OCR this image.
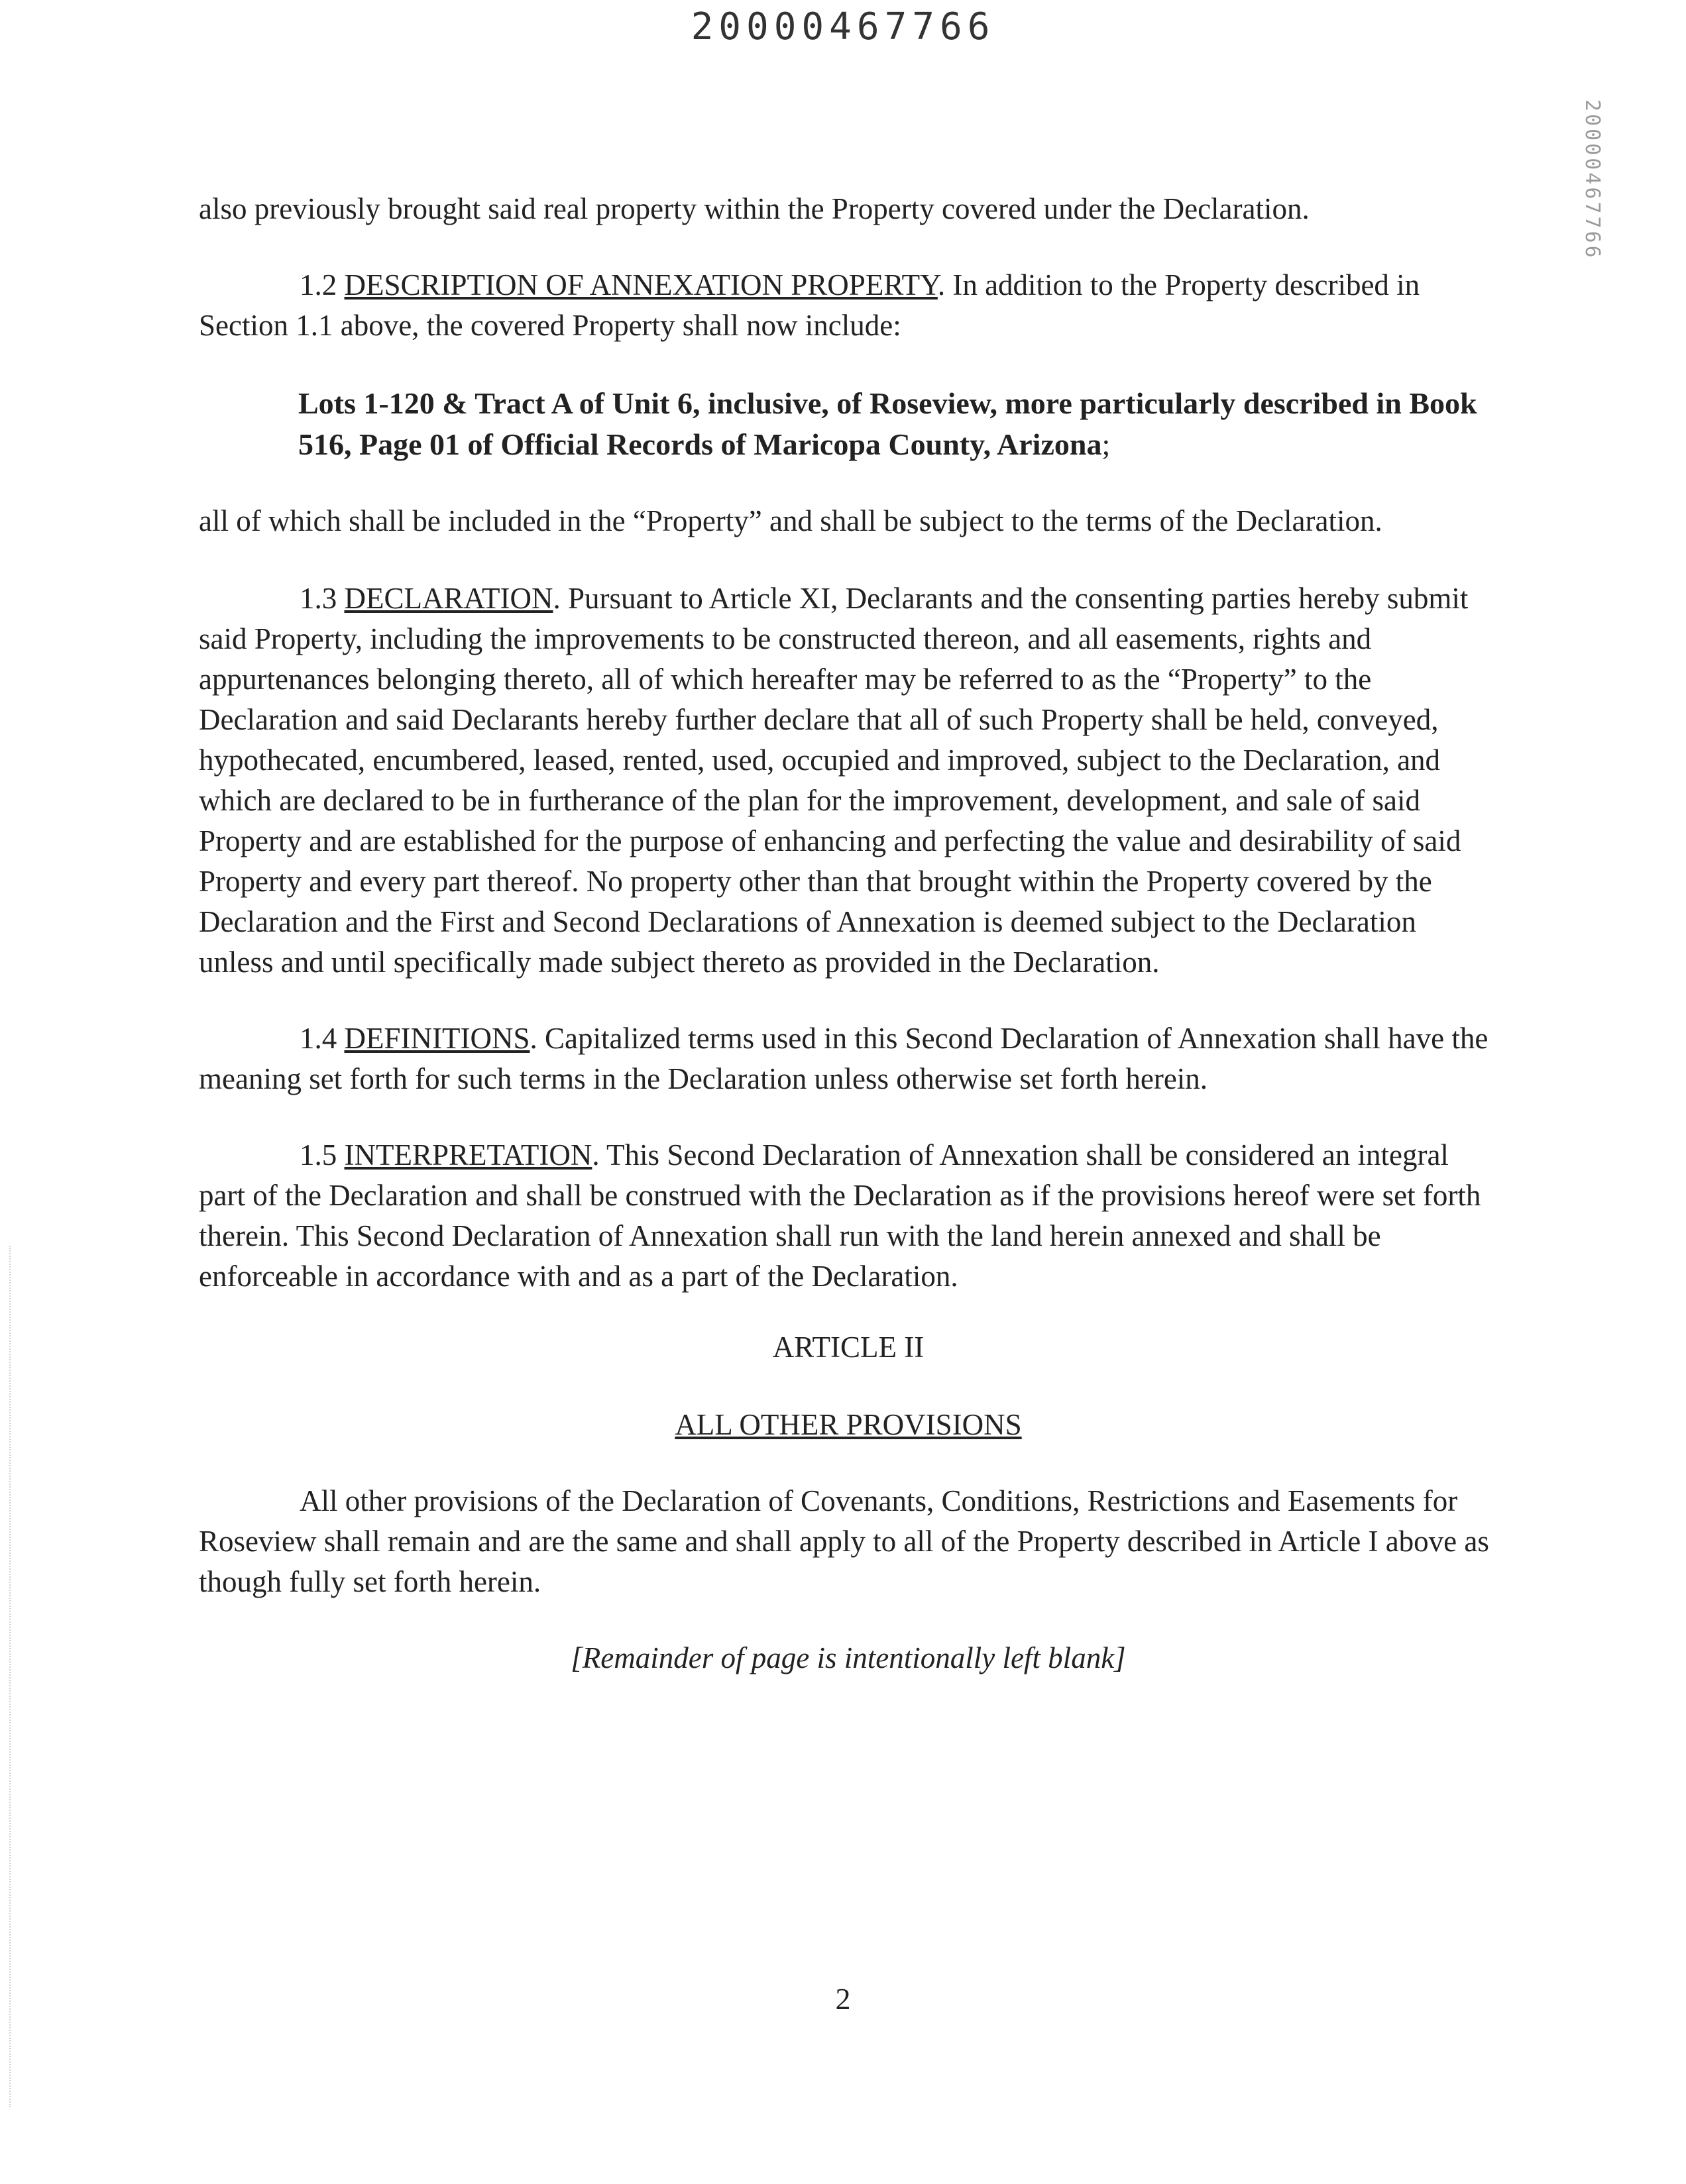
20000467766
20000467766

also previously brought said real property within the Property covered under the Declaration.

1.2 DESCRIPTION OF ANNEXATION PROPERTY. In addition to the Property described in Section 1.1 above, the covered Property shall now include:

Lots 1-120 & Tract A of Unit 6, inclusive, of Roseview, more particularly described in Book 516, Page 01 of Official Records of Maricopa County, Arizona;

all of which shall be included in the “Property” and shall be subject to the terms of the Declaration.

1.3 DECLARATION. Pursuant to Article XI, Declarants and the consenting parties hereby submit said Property, including the improvements to be constructed thereon, and all easements, rights and appurtenances belonging thereto, all of which hereafter may be referred to as the “Property” to the Declaration and said Declarants hereby further declare that all of such Property shall be held, conveyed, hypothecated, encumbered, leased, rented, used, occupied and improved, subject to the Declaration, and which are declared to be in furtherance of the plan for the improvement, development, and sale of said Property and are established for the purpose of enhancing and perfecting the value and desirability of said Property and every part thereof. No property other than that brought within the Property covered by the Declaration and the First and Second Declarations of Annexation is deemed subject to the Declaration unless and until specifically made subject thereto as provided in the Declaration.

1.4 DEFINITIONS. Capitalized terms used in this Second Declaration of Annexation shall have the meaning set forth for such terms in the Declaration unless otherwise set forth herein.

1.5 INTERPRETATION. This Second Declaration of Annexation shall be considered an integral part of the Declaration and shall be construed with the Declaration as if the provisions hereof were set forth therein. This Second Declaration of Annexation shall run with the land herein annexed and shall be enforceable in accordance with and as a part of the Declaration.

ARTICLE II

ALL OTHER PROVISIONS

All other provisions of the Declaration of Covenants, Conditions, Restrictions and Easements for Roseview shall remain and are the same and shall apply to all of the Property described in Article I above as though fully set forth herein.

[Remainder of page is intentionally left blank]

2
